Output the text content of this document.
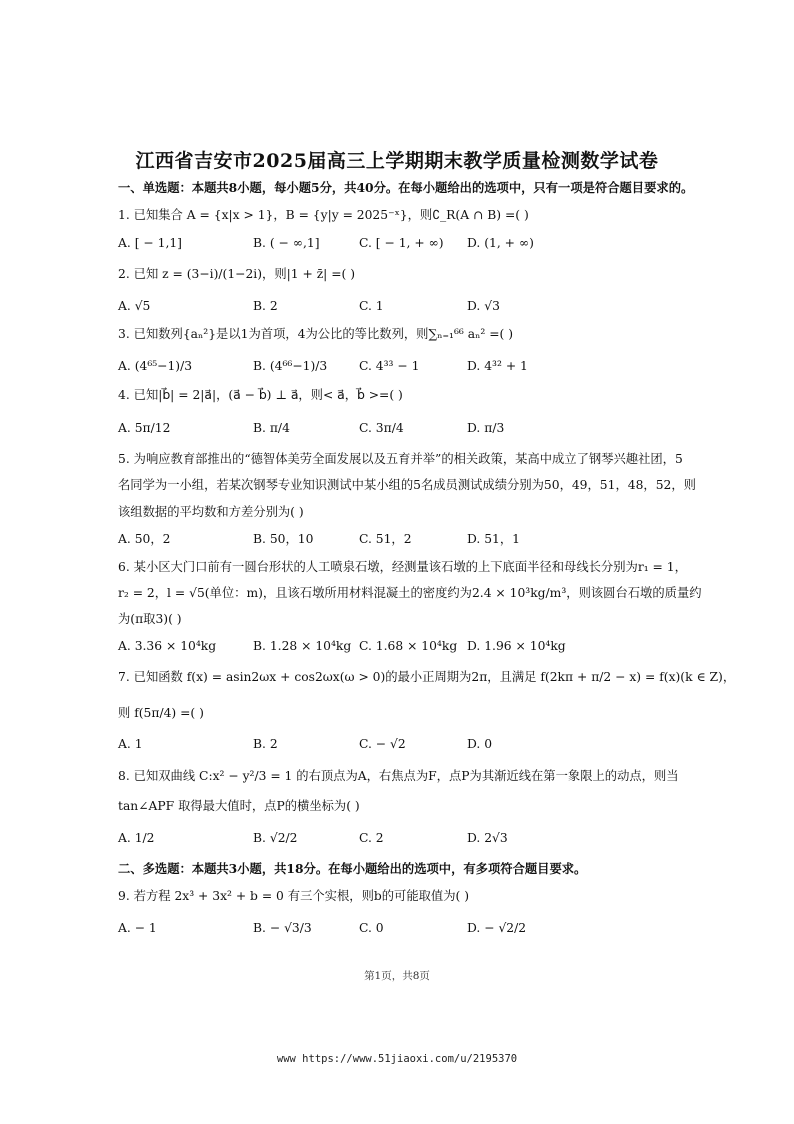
江西省吉安市2025届高三上学期期末教学质量检测数学试卷
一、单选题：本题共8小题，每小题5分，共40分。在每小题给出的选项中，只有一项是符合题目要求的。
1. 已知集合 A = {x|x > 1}，B = {y|y = 2025⁻ˣ}，则∁_R(A ∩ B) =( )
A. [ − 1,1]	B. ( − ∞,1]	C. [ − 1, + ∞) D. (1, + ∞)
2. 已知 z = (3−i)/(1−2i)，则|1 + z̄| =( )
A. √5	B. 2	C. 1	D. √3
3. 已知数列{aₙ²}是以1为首项，4为公比的等比数列，则∑ₙ₌₁⁶⁶ aₙ² =( )
A. (4⁶⁵−1)/3	B. (4⁶⁶−1)/3	C. 4³³ − 1	D. 4³² + 1
4. 已知|b⃗| = 2|a⃗|，(a⃗ − b⃗) ⊥ a⃗，则< a⃗，b⃗ >=( )
A. 5π/12	B. π/4	C. 3π/4	D. π/3
5. 为响应教育部推出的“德智体美劳全面发展以及五育并举”的相关政策，某高中成立了钢琴兴趣社团，5
名同学为一小组，若某次钢琴专业知识测试中某小组的5名成员测试成绩分别为50，49，51，48，52，则
该组数据的平均数和方差分别为( )
A. 50，2	B. 50，10	C. 51，2	D. 51，1
6. 某小区大门口前有一圆台形状的人工喷泉石墩，经测量该石墩的上下底面半径和母线长分别为r₁ = 1，
r₂ = 2，l = √5(单位：m)，且该石墩所用材料混凝土的密度约为2.4 × 10³kg/m³，则该圆台石墩的质量约
为(π取3)( )
A. 3.36 × 10⁴kg	B. 1.28 × 10⁴kg C. 1.68 × 10⁴kg D. 1.96 × 10⁴kg
7. 已知函数 f(x) = asin2ωx + cos2ωx(ω > 0)的最小正周期为2π，且满足 f(2kπ + π/2 − x) = f(x)(k ∈ Z)，
则 f(5π/4) =( )
A. 1	B. 2	C. − √2	D. 0
8. 已知双曲线 C:x² − y²/3 = 1 的右顶点为A，右焦点为F，点P为其渐近线在第一象限上的动点，则当
tan∠APF 取得最大值时，点P的横坐标为( )
A. 1/2	B. √2/2	C. 2	D. 2√3
二、多选题：本题共3小题，共18分。在每小题给出的选项中，有多项符合题目要求。
9. 若方程 2x³ + 3x² + b = 0 有三个实根，则b的可能取值为( )
A. − 1	B. − √3/3	C. 0	D. − √2/2
第1页，共8页
www https://www.51jiaoxi.com/u/2195370
